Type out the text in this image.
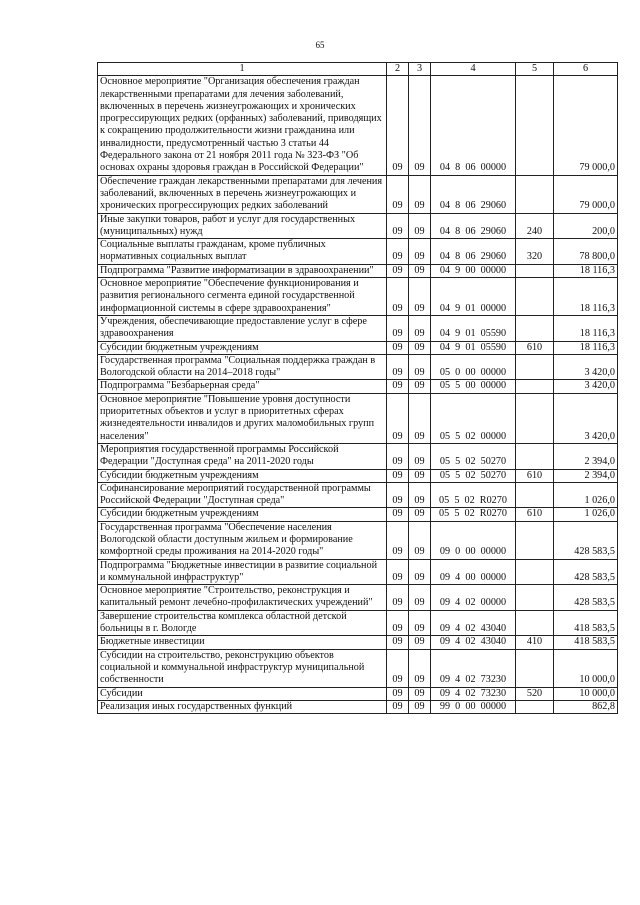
65
1	2	3	4	5	6
Основное мероприятие "Организация обеспечения граждан лекарственными препаратами для лечения заболеваний, включенных в перечень жизнеугрожающих и хронических прогрессирующих редких (орфанных) заболеваний, приводящих к сокращению продолжительности жизни гражданина или инвалидности, предусмотренный частью 3 статьи 44 Федерального закона от 21 ноября 2011 года № 323-ФЗ "Об основах охраны здоровья граждан в Российской Федерации"	09	09	04  8  06  00000		79 000,0
Обеспечение граждан лекарственными препаратами для лечения заболеваний, включенных в перечень жизнеугрожающих и хронических прогрессирующих редких заболеваний	09	09	04  8  06  29060		79 000,0
Иные закупки товаров, работ и услуг для государственных (муниципальных) нужд	09	09	04  8  06  29060	240	200,0
Социальные выплаты гражданам, кроме публичных нормативных социальных выплат	09	09	04  8  06  29060	320	78 800,0
Подпрограмма "Развитие информатизации в здравоохранении"	09	09	04  9  00  00000		18 116,3
Основное мероприятие "Обеспечение функционирования и развития регионального сегмента единой государственной информационной системы в сфере здравоохранения"	09	09	04  9  01  00000		18 116,3
Учреждения, обеспечивающие предоставление услуг в сфере здравоохранения	09	09	04  9  01  05590		18 116,3
Субсидии бюджетным учреждениям	09	09	04  9  01  05590	610	18 116,3
Государственная программа "Социальная поддержка граждан в Вологодской области на 2014–2018 годы"	09	09	05  0  00  00000		3 420,0
Подпрограмма "Безбарьерная среда"	09	09	05  5  00  00000		3 420,0
Основное мероприятие "Повышение уровня доступности приоритетных объектов и услуг в приоритетных сферах жизнедеятельности инвалидов и других маломобильных групп населения"	09	09	05  5  02  00000		3 420,0
Мероприятия государственной программы Российской Федерации "Доступная среда" на 2011-2020 годы	09	09	05  5  02  50270		2 394,0
Субсидии бюджетным учреждениям	09	09	05  5  02  50270	610	2 394,0
Софинансирование мероприятий государственной программы Российской Федерации "Доступная среда"	09	09	05  5  02  R0270		1 026,0
Субсидии бюджетным учреждениям	09	09	05  5  02  R0270	610	1 026,0
Государственная программа "Обеспечение населения Вологодской области доступным жильем и формирование комфортной среды проживания на 2014-2020 годы"	09	09	09  0  00  00000		428 583,5
Подпрограмма "Бюджетные инвестиции в развитие социальной и коммунальной инфраструктур"	09	09	09  4  00  00000		428 583,5
Основное мероприятие "Строительство, реконструкция и капитальный ремонт лечебно-профилактических учреждений"	09	09	09  4  02  00000		428 583,5
Завершение строительства комплекса областной детской больницы в г. Вологде	09	09	09  4  02  43040		418 583,5
Бюджетные инвестиции	09	09	09  4  02  43040	410	418 583,5
Субсидии на строительство, реконструкцию объектов социальной и коммунальной инфраструктур муниципальной собственности	09	09	09  4  02  73230		10 000,0
Субсидии	09	09	09  4  02  73230	520	10 000,0
Реализация иных государственных функций	09	09	99  0  00  00000		862,8
